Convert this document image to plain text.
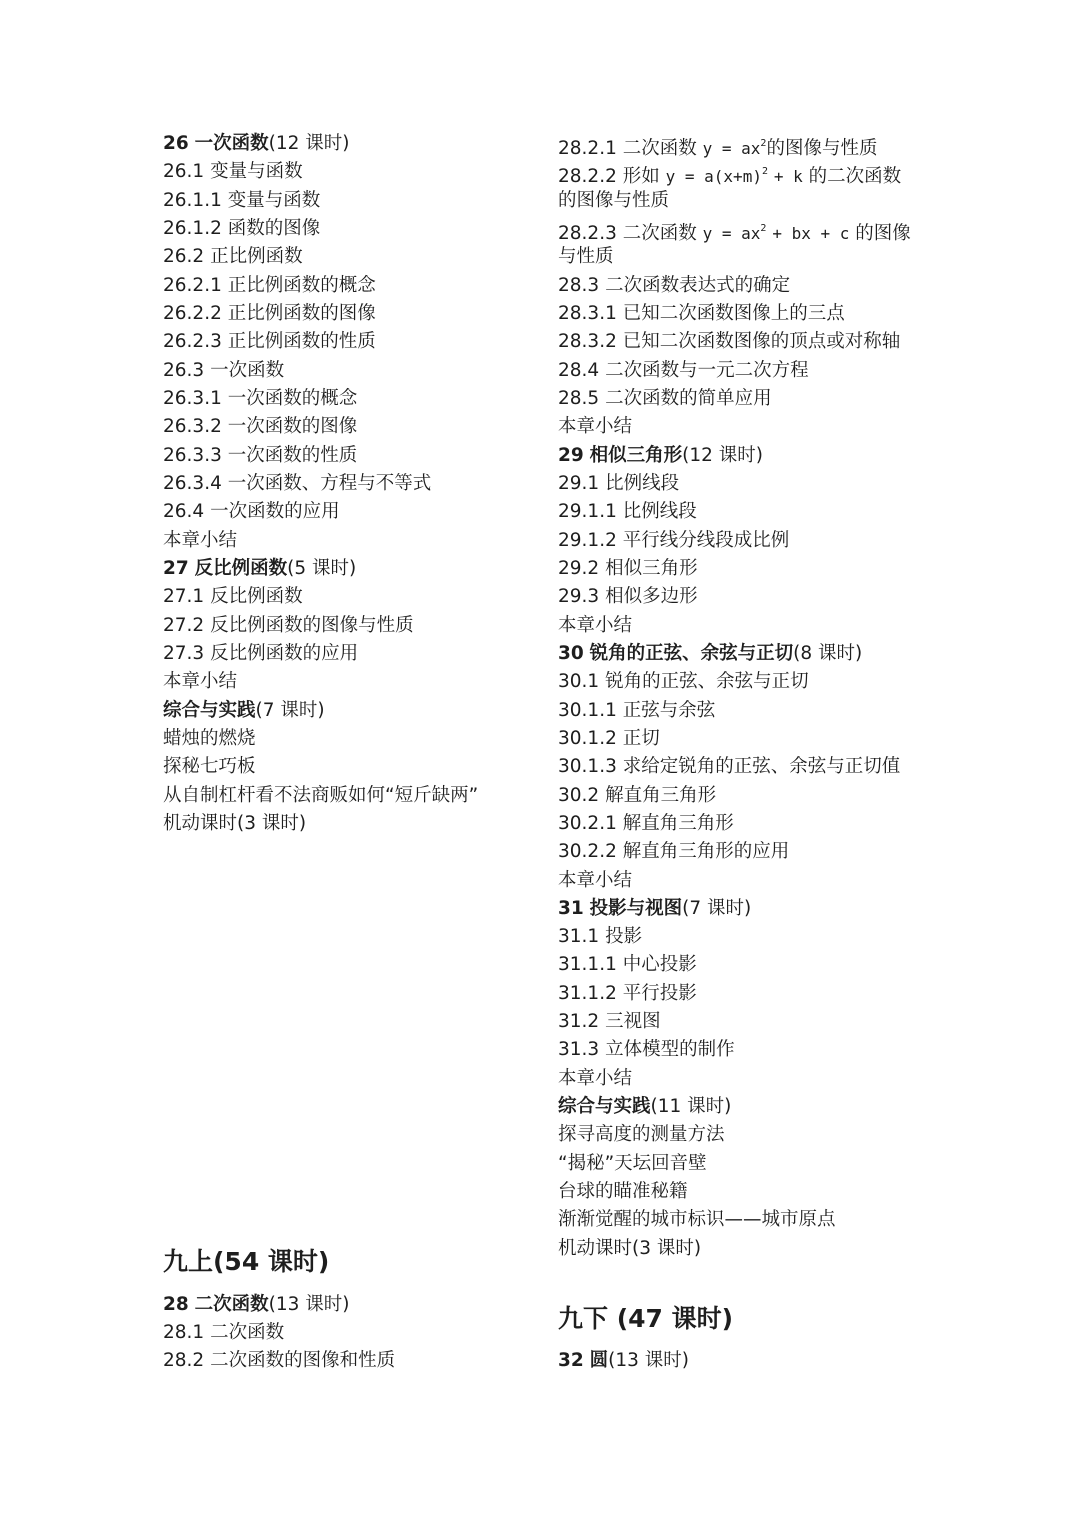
26 一次函数(12 课时)
26.1 变量与函数
26.1.1 变量与函数
26.1.2 函数的图像
26.2 正比例函数
26.2.1 正比例函数的概念
26.2.2 正比例函数的图像
26.2.3 正比例函数的性质
26.3 一次函数
26.3.1 一次函数的概念
26.3.2 一次函数的图像
26.3.3 一次函数的性质
26.3.4 一次函数、方程与不等式
26.4 一次函数的应用
本章小结
27 反比例函数(5 课时)
27.1 反比例函数
27.2 反比例函数的图像与性质
27.3 反比例函数的应用
本章小结
综合与实践(7 课时)
蜡烛的燃烧
探秘七巧板
从自制杠杆看不法商贩如何“短斤缺两”
机动课时(3 课时)
九上(54 课时)
28 二次函数(13 课时)
28.1 二次函数
28.2 二次函数的图像和性质
28.2.1 二次函数 $y = ax^2$的图像与性质
28.2.2 形如 $y = a(x+m)^2 + k$ 的二次函数
的图像与性质
28.2.3 二次函数 $y = ax^2$ + bx + c 的图像
与性质
28.3 二次函数表达式的确定
28.3.1 已知二次函数图像上的三点
28.3.2 已知二次函数图像的顶点或对称轴
28.4 二次函数与一元二次方程
28.5 二次函数的简单应用
本章小结
29 相似三角形(12 课时)
29.1 比例线段
29.1.1 比例线段
29.1.2 平行线分线段成比例
29.2 相似三角形
29.3 相似多边形
本章小结
30 锐角的正弦、余弦与正切(8 课时)
30.1 锐角的正弦、余弦与正切
30.1.1 正弦与余弦
30.1.2 正切
30.1.3 求给定锐角的正弦、余弦与正切值
30.2 解直角三角形
30.2.1 解直角三角形
30.2.2 解直角三角形的应用
本章小结
31 投影与视图(7 课时)
31.1 投影
31.1.1 中心投影
31.1.2 平行投影
31.2 三视图
31.3 立体模型的制作
本章小结
综合与实践(11 课时)
探寻高度的测量方法
“揭秘”天坛回音壁
台球的瞄准秘籍
渐渐觉醒的城市标识——城市原点
机动课时(3 课时)
九下 (47 课时)
32 圆(13 课时)
